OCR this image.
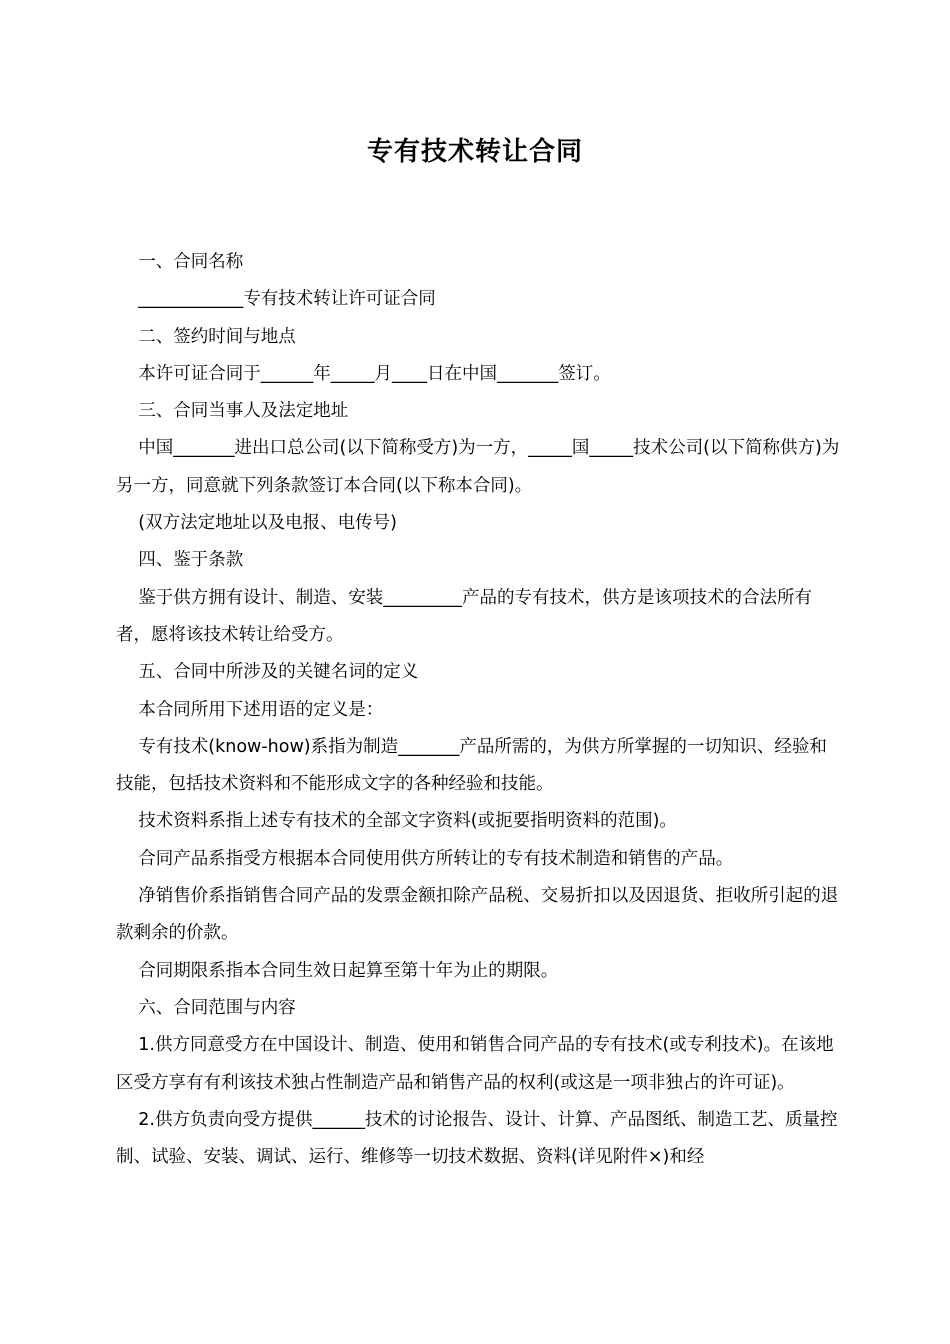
专有技术转让合同

一、合同名称

____________专有技术转让许可证合同

二、签约时间与地点

本许可证合同于______年_____月____日在中国_______签订。

三、合同当事人及法定地址

中国_______进出口总公司(以下简称受方)为一方，_____国_____技术公司(以下简称供方)为另一方，同意就下列条款签订本合同(以下称本合同)。

(双方法定地址以及电报、电传号)

四、鉴于条款

鉴于供方拥有设计、制造、安装_________产品的专有技术，供方是该项技术的合法所有者，愿将该技术转让给受方。

五、合同中所涉及的关键名词的定义

本合同所用下述用语的定义是：

专有技术(know-how)系指为制造_______产品所需的，为供方所掌握的一切知识、经验和技能，包括技术资料和不能形成文字的各种经验和技能。

技术资料系指上述专有技术的全部文字资料(或扼要指明资料的范围)。

合同产品系指受方根据本合同使用供方所转让的专有技术制造和销售的产品。

净销售价系指销售合同产品的发票金额扣除产品税、交易折扣以及因退货、拒收所引起的退款剩余的价款。

合同期限系指本合同生效日起算至第十年为止的期限。

六、合同范围与内容

1.供方同意受方在中国设计、制造、使用和销售合同产品的专有技术(或专利技术)。在该地区受方享有有利该技术独占性制造产品和销售产品的权利(或这是一项非独占的许可证)。

2.供方负责向受方提供______技术的讨论报告、设计、计算、产品图纸、制造工艺、质量控制、试验、安装、调试、运行、维修等一切技术数据、资料(详见附件×)和经
